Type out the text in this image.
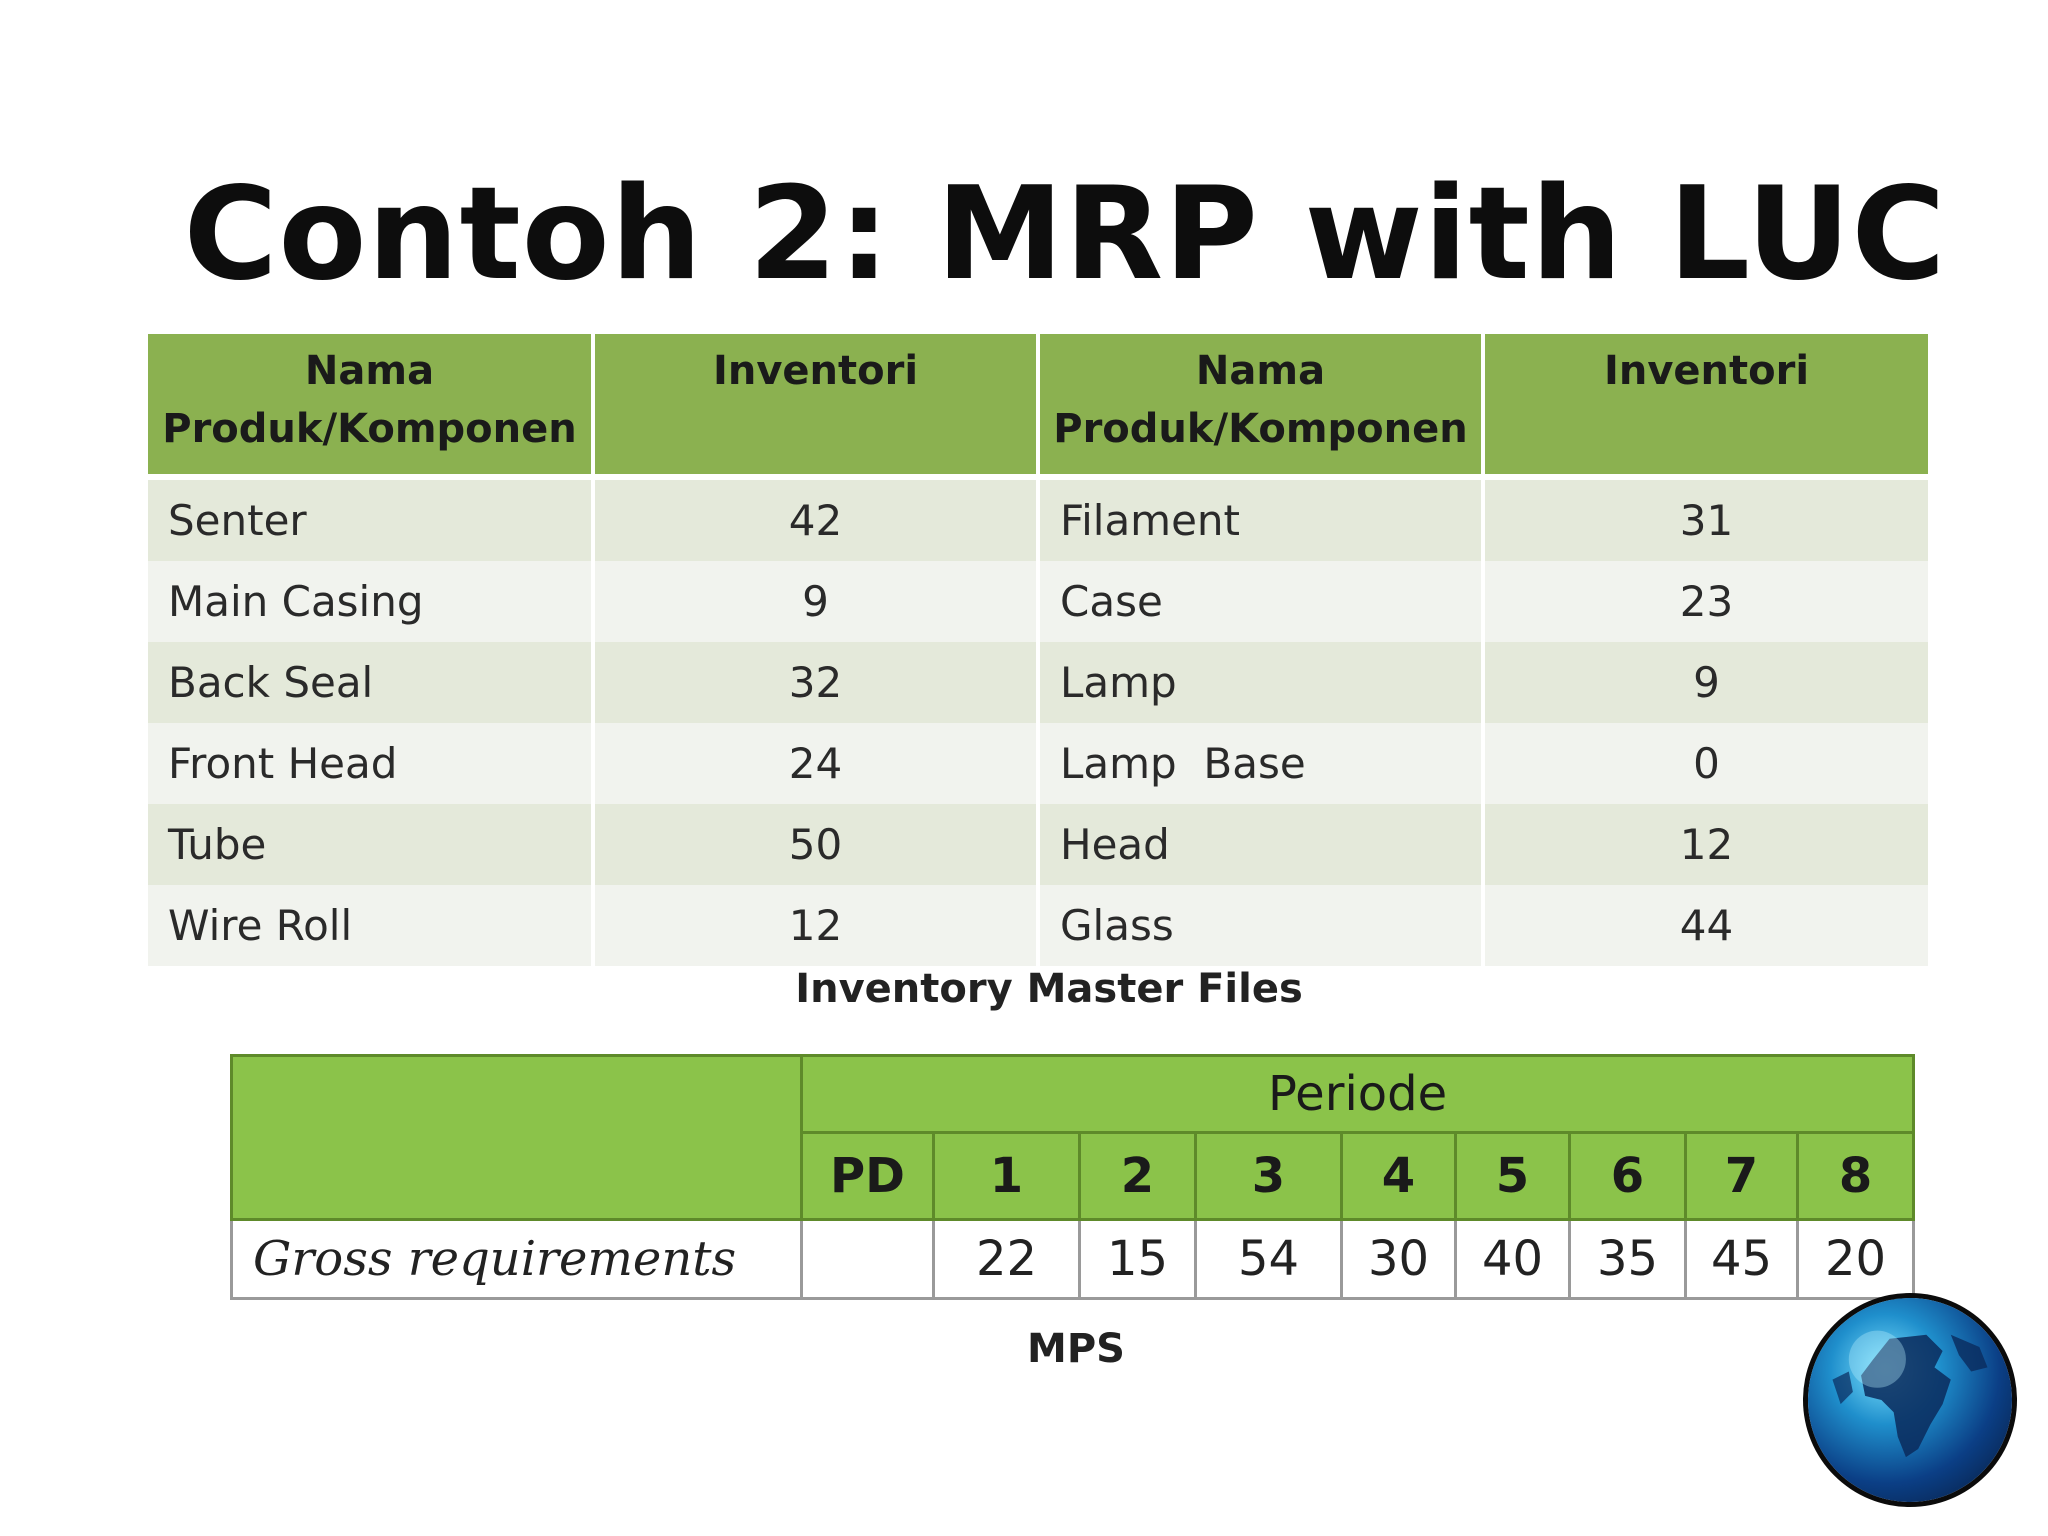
Contoh 2: MRP with LUC
Nama Produk/Komponen	Inventori	Nama Produk/Komponen	Inventori
Senter	42	Filament	31
Main Casing	9	Case	23
Back Seal	32	Lamp	9
Front Head	24	Lamp  Base	0
Tube	50	Head	12
Wire Roll	12	Glass	44
Inventory Master Files
	Periode								
	PD	1	2	3	4	5	6	7	8
Gross requirements		22	15	54	30	40	35	45	20
MPS
